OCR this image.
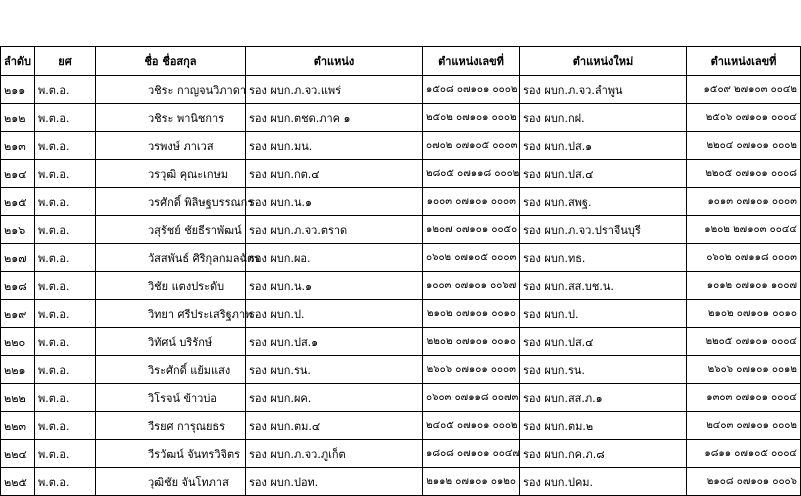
ลำดับ	ยศ	ชื่อ ชื่อสกุล	ตำแหน่ง	ตำแหน่งเลขที่	ตำแหน่งใหม่	ตำแหน่งเลขที่
๒๑๑	พ.ต.อ.	วชิระ กาญจนวิภาดา	รอง ผบก.ภ.จว.แพร่	๑๕๐๘ ๐๗๑๐๑ ๐๐๐๒	รอง ผบก.ภ.จว.ลำพูน	๑๕๐๙ ๒๗๑๐๓ ๐๐๔๒
๒๑๒	พ.ต.อ.	วชิระ พานิชการ	รอง ผบก.ตชด.ภาค ๑	๒๕๐๒ ๐๗๑๐๑ ๐๐๐๒	รอง ผบก.กฝ.	๒๕๐๖ ๐๗๑๐๑ ๐๐๐๔
๒๑๓	พ.ต.อ.	วรพงษ์ ภาเวส	รอง ผบก.มน.	๐๗๐๒ ๐๗๑๐๕ ๐๐๐๓	รอง ผบก.ปส.๑	๒๒๐๔ ๐๗๑๐๑ ๐๐๐๒
๒๑๔	พ.ต.อ.	วรวุฒิ คุณะเกษม	รอง ผบก.กต.๔	๒๘๐๕ ๐๗๑๑๘ ๐๐๐๒	รอง ผบก.ปส.๔	๒๒๐๕ ๐๗๑๐๑ ๐๐๐๘
๒๑๕	พ.ต.อ.	วรศักดิ์ พิลิษฐบรรณกร	รอง ผบก.น.๑	๑๐๐๓ ๐๗๑๐๑ ๐๐๐๓	รอง ผบก.สพฐ.	๑๐๑๓ ๐๗๑๐๑ ๐๐๐๓
๒๑๖	พ.ต.อ.	วสุรัชย์ ชัยธีราพัฒน์	รอง ผบก.ภ.จว.ตราด	๑๒๐๗ ๐๗๑๐๑ ๐๐๕๐	รอง ผบก.ภ.จว.ปราจีนบุรี	๑๒๐๒ ๒๗๑๐๓ ๐๐๔๔
๒๑๗	พ.ต.อ.	วัสสพันธ์ ศิริกุลกมลฉัตร	รอง ผบก.ผอ.	๐๖๐๒ ๐๗๑๐๕ ๐๐๐๓	รอง ผบก.ทธ.	๐๖๐๒ ๐๗๑๑๘ ๐๐๐๓
๒๑๘	พ.ต.อ.	วิชัย แตงประดับ	รอง ผบก.น.๑	๑๐๐๓ ๐๗๑๐๑ ๐๐๖๗	รอง ผบก.สส.บช.น.	๑๐๑๒ ๐๗๑๐๑ ๑๐๐๗
๒๑๙	พ.ต.อ.	วิทยา ศรีประเสริฐภาพ	รอง ผบก.ป.	๒๑๐๒ ๐๗๑๐๑ ๐๐๑๐	รอง ผบก.ป.	๒๑๐๒ ๐๗๑๐๑ ๐๐๑๐
๒๒๐	พ.ต.อ.	วิทัศน์ บริรักษ์	รอง ผบก.ปส.๑	๒๒๐๒ ๐๗๑๐๑ ๐๐๑๐	รอง ผบก.ปส.๔	๒๒๐๕ ๐๗๑๐๑ ๐๐๐๔
๒๒๑	พ.ต.อ.	วิระศักดิ์ แย้มแสง	รอง ผบก.รน.	๒๖๐๖ ๐๗๑๐๑ ๐๐๐๓	รอง ผบก.รน.	๒๖๐๖ ๐๗๑๐๑ ๐๐๑๒
๒๒๒	พ.ต.อ.	วิโรจน์ ข้าวบ่อ	รอง ผบก.ผค.	๐๖๐๓ ๐๗๑๑๘ ๐๐๗๓	รอง ผบก.สส.ภ.๑	๑๓๐๓ ๐๗๑๐๑ ๐๐๐๔
๒๒๓	พ.ต.อ.	วีรยศ การุณยธร	รอง ผบก.ตม.๔	๒๔๐๕ ๐๗๑๐๑ ๐๐๐๒	รอง ผบก.ตม.๒	๒๔๐๓ ๐๗๑๐๑ ๐๐๐๒
๒๒๔	พ.ต.อ.	วีรวัฒน์ จันทรวิจิตร	รอง ผบก.ภ.จว.ภูเก็ต	๑๘๐๘ ๐๗๑๐๑ ๐๐๔๗	รอง ผบก.กค.ภ.๘	๑๘๑๑ ๐๗๑๐๕ ๐๐๐๔
๒๒๕	พ.ต.อ.	วุฒิชัย จันโทภาส	รอง ผบก.ปอท.	๒๑๑๒ ๐๗๑๐๑ ๐๑๒๐	รอง ผบก.ปคม.	๒๑๐๘ ๐๗๑๐๑ ๐๐๐๖
